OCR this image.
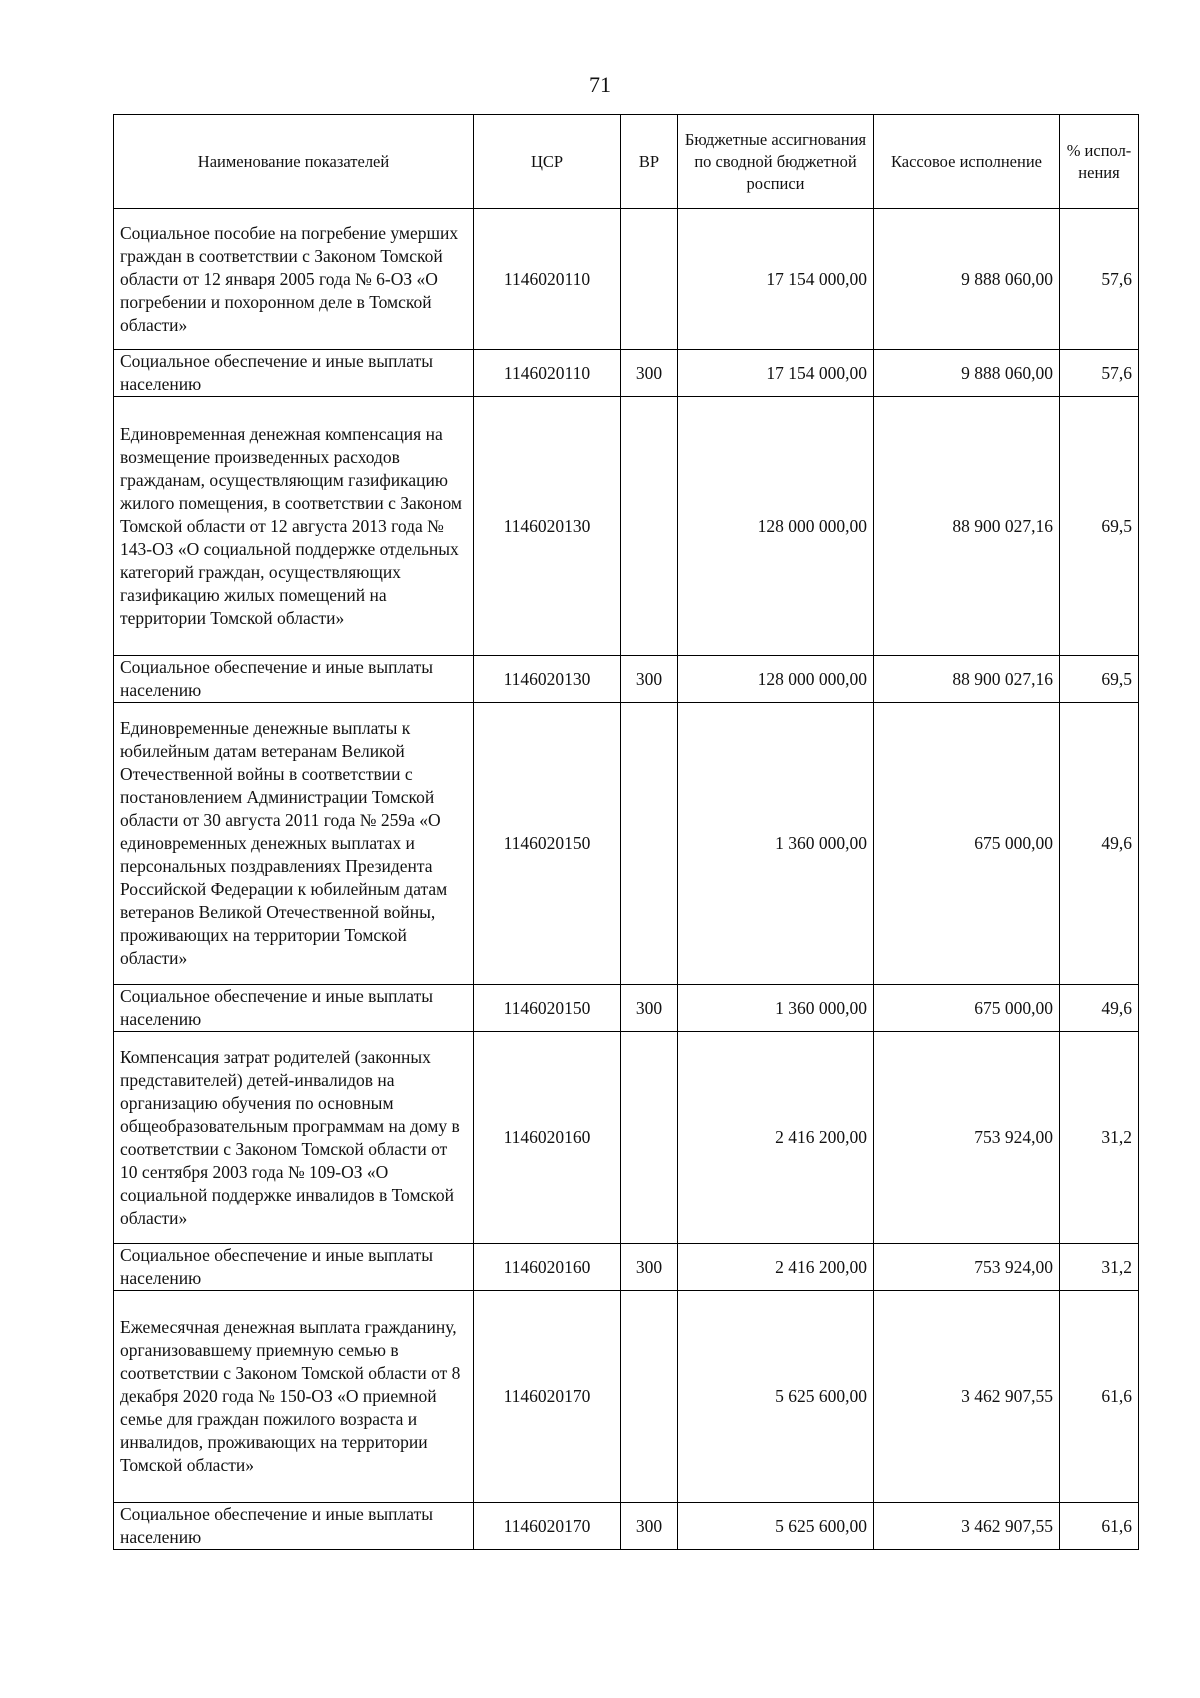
71
Наименование показателей	ЦСР	ВР	Бюджетные ассигнования по сводной бюджетной росписи	Кассовое исполнение	% испол-нения
Социальное пособие на погребение умерших граждан в соответствии с Законом Томской области от 12 января 2005 года № 6-ОЗ «О погребении и похоронном деле в Томской области»	1146020110		17 154 000,00	9 888 060,00	57,6
Социальное обеспечение и иные выплаты населению	1146020110	300	17 154 000,00	9 888 060,00	57,6
Единовременная денежная компенсация на возмещение произведенных расходов гражданам, осуществляющим газификацию жилого помещения, в соответствии с Законом Томской области от 12 августа 2013 года № 143-ОЗ «О социальной поддержке отдельных категорий граждан, осуществляющих газификацию жилых помещений на территории Томской области»	1146020130		128 000 000,00	88 900 027,16	69,5
Социальное обеспечение и иные выплаты населению	1146020130	300	128 000 000,00	88 900 027,16	69,5
Единовременные денежные выплаты к юбилейным датам ветеранам Великой Отечественной войны в соответствии с постановлением Администрации Томской области от 30 августа 2011 года № 259а «О единовременных денежных выплатах и персональных поздравлениях Президента Российской Федерации к юбилейным датам ветеранов Великой Отечественной войны, проживающих на территории Томской области»	1146020150		1 360 000,00	675 000,00	49,6
Социальное обеспечение и иные выплаты населению	1146020150	300	1 360 000,00	675 000,00	49,6
Компенсация затрат родителей (законных представителей) детей-инвалидов на организацию обучения по основным общеобразовательным программам на дому в соответствии с Законом Томской области от 10 сентября 2003 года № 109-ОЗ «О социальной поддержке инвалидов в Томской области»	1146020160		2 416 200,00	753 924,00	31,2
Социальное обеспечение и иные выплаты населению	1146020160	300	2 416 200,00	753 924,00	31,2
Ежемесячная денежная выплата гражданину, организовавшему приемную семью в соответствии с Законом Томской области от 8 декабря 2020 года № 150-ОЗ «О приемной семье для граждан пожилого возраста и инвалидов, проживающих на территории Томской области»	1146020170		5 625 600,00	3 462 907,55	61,6
Социальное обеспечение и иные выплаты населению	1146020170	300	5 625 600,00	3 462 907,55	61,6
